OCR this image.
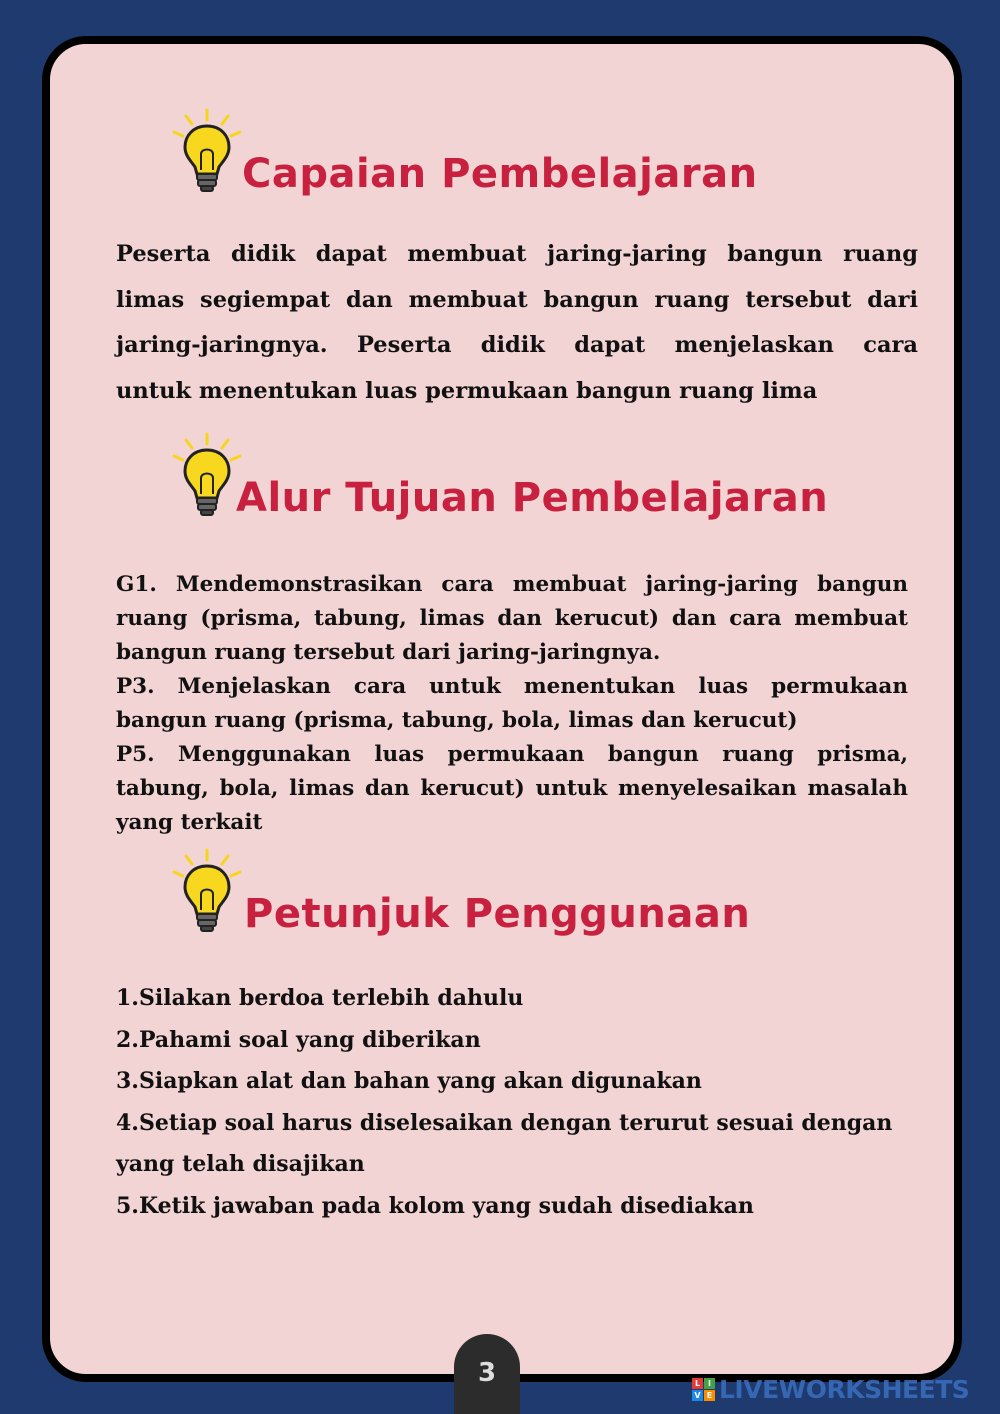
Capaian Pembelajaran
Peserta didik dapat membuat jaring-jaring bangun ruang
limas segiempat dan membuat bangun ruang tersebut dari
jaring-jaringnya. Peserta didik dapat menjelaskan cara
untuk menentukan luas permukaan bangun ruang lima
Alur Tujuan Pembelajaran
G1. Mendemonstrasikan cara membuat jaring-jaring bangun
ruang (prisma, tabung, limas dan kerucut) dan cara membuat
bangun ruang tersebut dari jaring-jaringnya.
P3. Menjelaskan cara untuk menentukan luas permukaan
bangun ruang (prisma, tabung, bola, limas dan kerucut)
P5. Menggunakan luas permukaan bangun ruang prisma,
tabung, bola, limas dan kerucut) untuk menyelesaikan masalah
yang terkait
Petunjuk Penggunaan
1.Silakan berdoa terlebih dahulu
2.Pahami soal yang diberikan
3.Siapkan alat dan bahan yang akan digunakan
4.Setiap soal harus diselesaikan dengan terurut sesuai dengan
yang telah disajikan
5.Ketik jawaban pada kolom yang sudah disediakan
3	L I
V E LIVEWORKSHEETS
